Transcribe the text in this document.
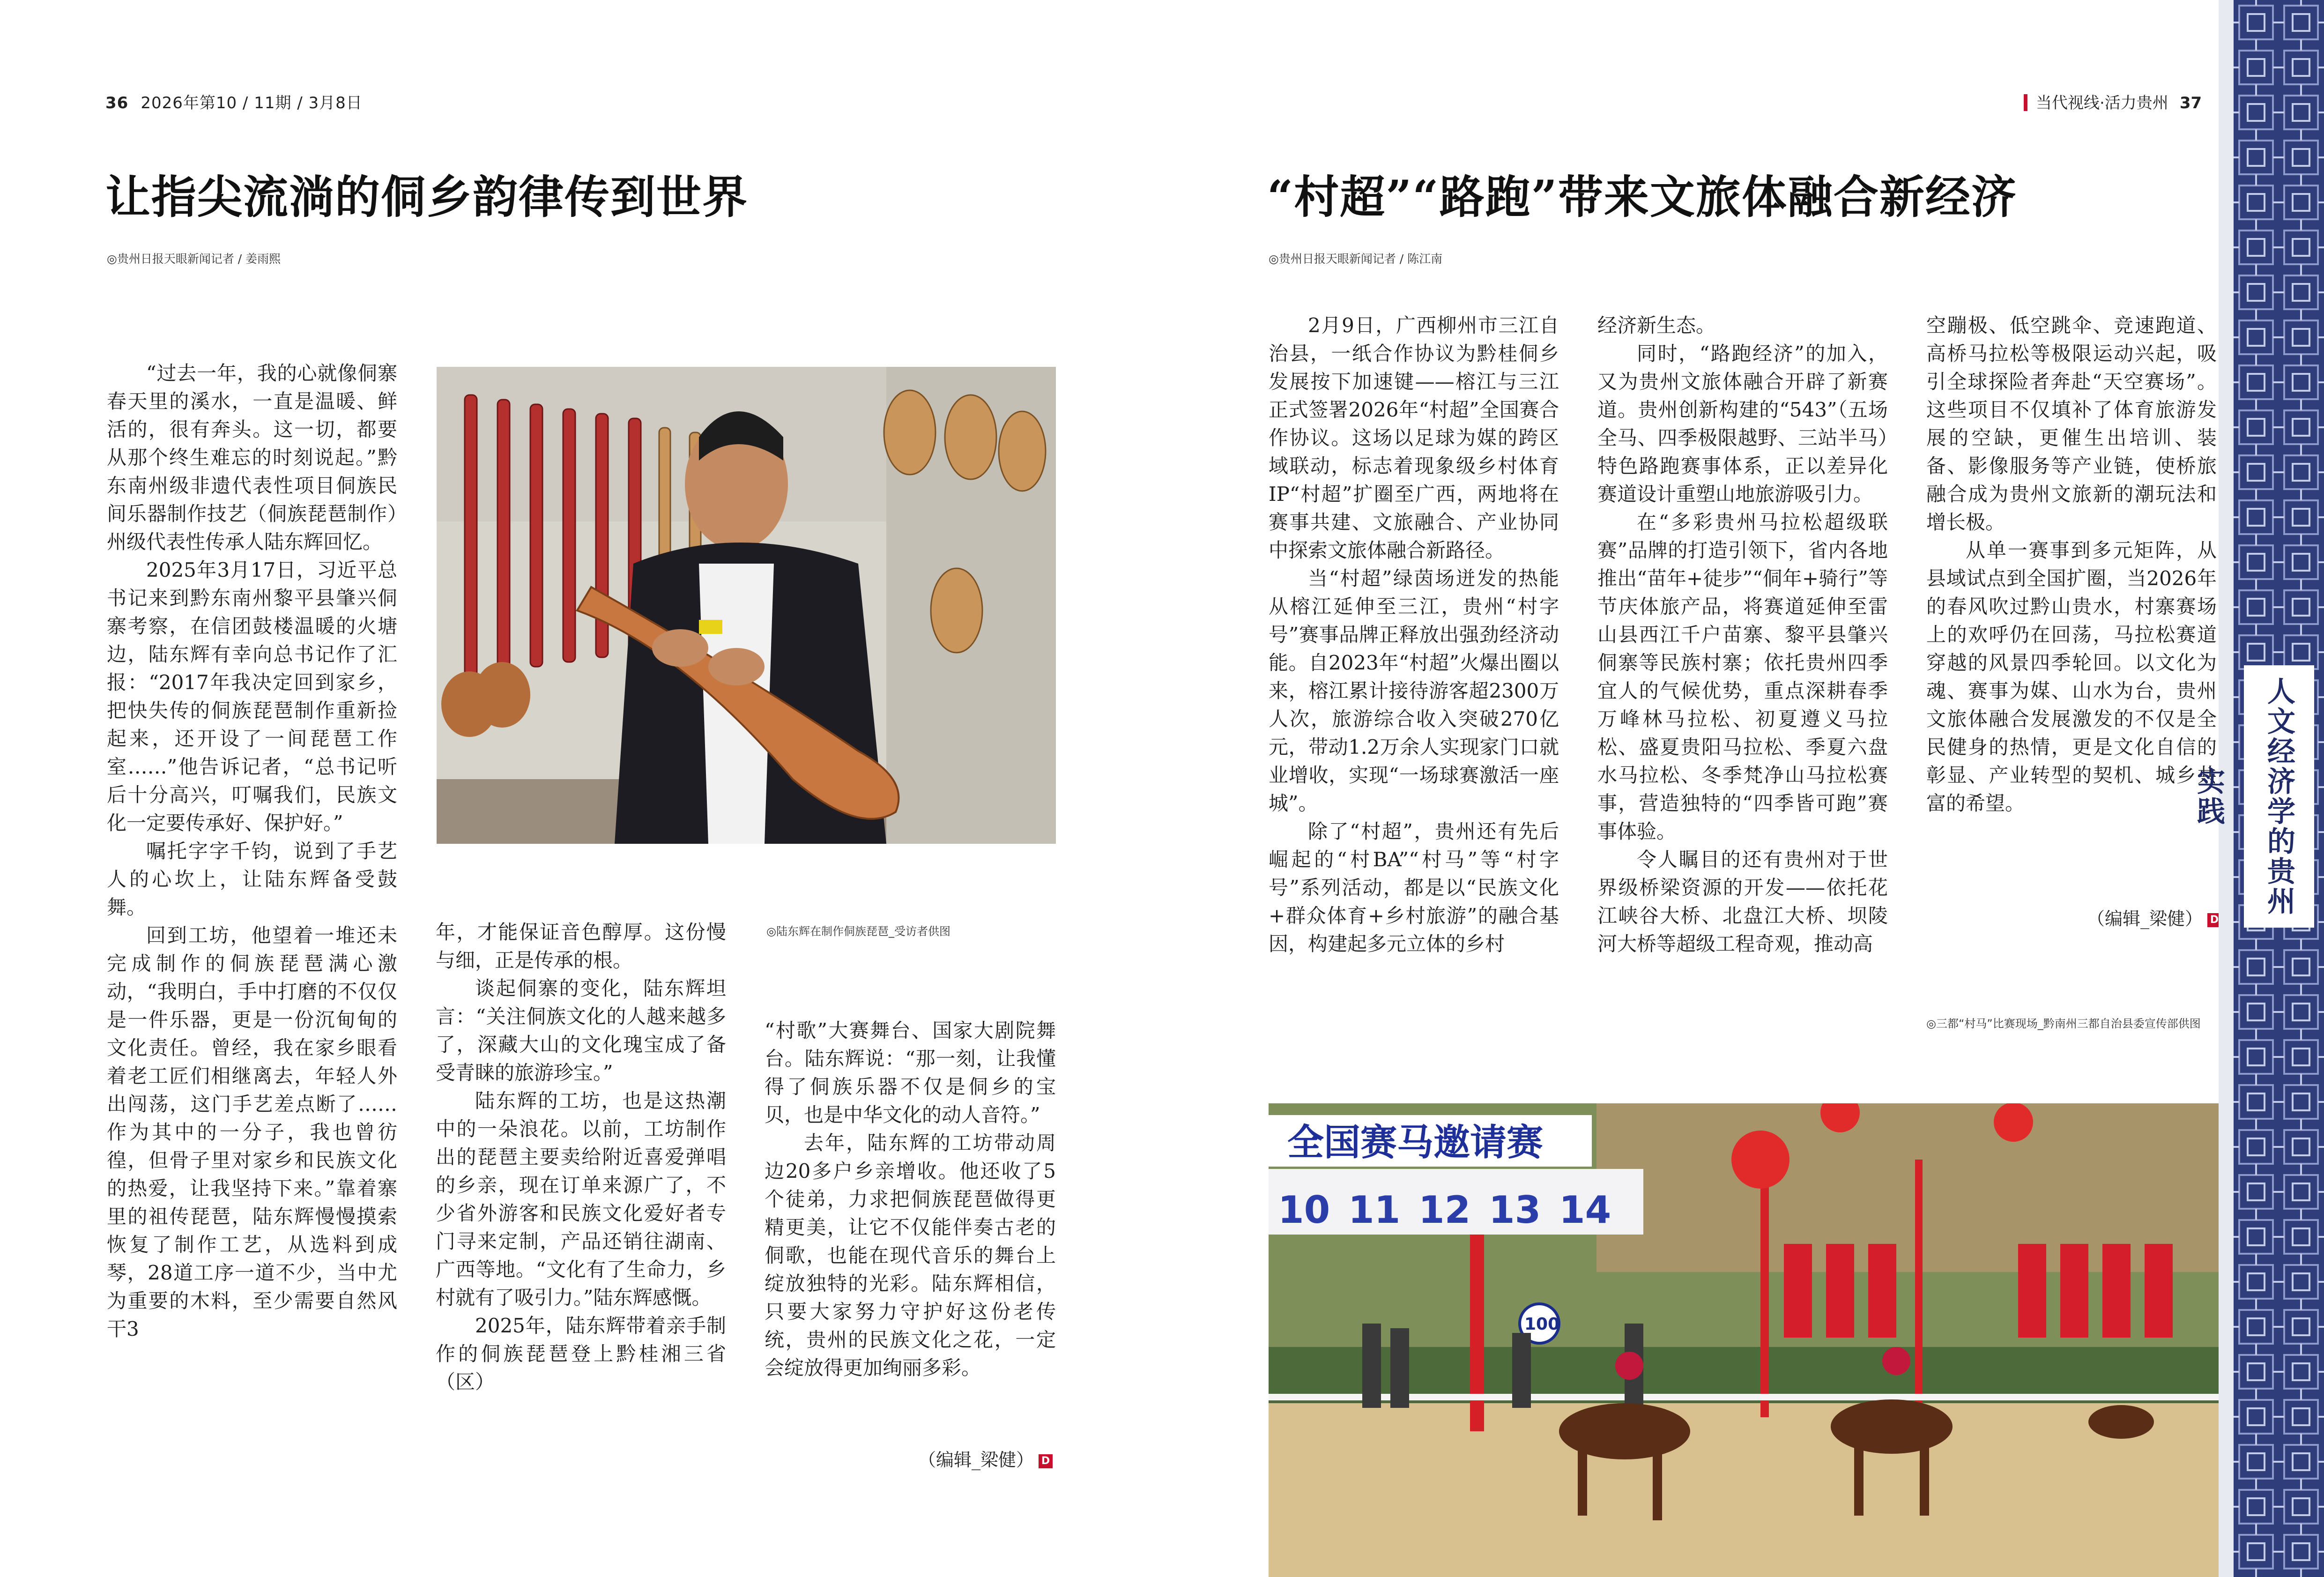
36 2026年第10 / 11期 / 3月8日	当代视线·活力贵州 37
让指尖流淌的侗乡韵律传到世界	“村超”“路跑”带来文旅体融合新经济
◎贵州日报天眼新闻记者 / 姜雨熙	◎贵州日报天眼新闻记者 / 陈江南
◎陆东辉在制作侗族琵琶_受访者供图

“过去一年，我的心就像侗寨春天里的溪水，一直是温暖、鲜活的，很有奔头。这一切，都要从那个终生难忘的时刻说起。”黔东南州级非遗代表性项目侗族民间乐器制作技艺（侗族琵琶制作）州级代表性传承人陆东辉回忆。

2025年3月17日，习近平总书记来到黔东南州黎平县肇兴侗寨考察，在信团鼓楼温暖的火塘边，陆东辉有幸向总书记作了汇报：“2017年我决定回到家乡，把快失传的侗族琵琶制作重新捡起来，还开设了一间琵琶工作室……”他告诉记者，“总书记听后十分高兴，叮嘱我们，民族文化一定要传承好、保护好。”

嘱托字字千钧，说到了手艺人的心坎上，让陆东辉备受鼓舞。

回到工坊，他望着一堆还未完成制作的侗族琵琶满心激动，“我明白，手中打磨的不仅仅是一件乐器，更是一份沉甸甸的文化责任。曾经，我在家乡眼看着老工匠们相继离去，年轻人外出闯荡，这门手艺差点断了……作为其中的一分子，我也曾彷徨，但骨子里对家乡和民族文化的热爱，让我坚持下来。”靠着寨里的祖传琵琶，陆东辉慢慢摸索恢复了制作工艺，从选料到成琴，28道工序一道不少，当中尤为重要的木料，至少需要自然风干3

年，才能保证音色醇厚。这份慢与细，正是传承的根。

谈起侗寨的变化，陆东辉坦言：“关注侗族文化的人越来越多了，深藏大山的文化瑰宝成了备受青睐的旅游珍宝。”

陆东辉的工坊，也是这热潮中的一朵浪花。以前，工坊制作出的琵琶主要卖给附近喜爱弹唱的乡亲，现在订单来源广了，不少省外游客和民族文化爱好者专门寻来定制，产品还销往湖南、广西等地。“文化有了生命力，乡村就有了吸引力。”陆东辉感慨。

2025年，陆东辉带着亲手制作的侗族琵琶登上黔桂湘三省（区）

“村歌”大赛舞台、国家大剧院舞台。陆东辉说：“那一刻，让我懂得了侗族乐器不仅是侗乡的宝贝，也是中华文化的动人音符。”

去年，陆东辉的工坊带动周边20多户乡亲增收。他还收了5个徒弟，力求把侗族琵琶做得更精更美，让它不仅能伴奏古老的侗歌，也能在现代音乐的舞台上绽放独特的光彩。陆东辉相信，只要大家努力守护好这份老传统，贵州的民族文化之花，一定会绽放得更加绚丽多彩。

（编辑_梁健） D

2月9日，广西柳州市三江自治县，一纸合作协议为黔桂侗乡发展按下加速键——榕江与三江正式签署2026年“村超”全国赛合作协议。这场以足球为媒的跨区域联动，标志着现象级乡村体育IP“村超”扩圈至广西，两地将在赛事共建、文旅融合、产业协同中探索文旅体融合新路径。

当“村超”绿茵场迸发的热能从榕江延伸至三江，贵州“村字号”赛事品牌正释放出强劲经济动能。自2023年“村超”火爆出圈以来，榕江累计接待游客超2300万人次，旅游综合收入突破270亿元，带动1.2万余人实现家门口就业增收，实现“一场球赛激活一座城”。

除了“村超”，贵州还有先后崛起的“村BA”“村马”等“村字号”系列活动，都是以“民族文化+群众体育+乡村旅游”的融合基因，构建起多元立体的乡村

经济新生态。

同时，“路跑经济”的加入，又为贵州文旅体融合开辟了新赛道。贵州创新构建的“543”（五场全马、四季极限越野、三站半马）特色路跑赛事体系，正以差异化赛道设计重塑山地旅游吸引力。

在“多彩贵州马拉松超级联赛”品牌的打造引领下，省内各地推出“苗年+徒步”“侗年+骑行”等节庆体旅产品，将赛道延伸至雷山县西江千户苗寨、黎平县肇兴侗寨等民族村寨；依托贵州四季宜人的气候优势，重点深耕春季万峰林马拉松、初夏遵义马拉松、盛夏贵阳马拉松、季夏六盘水马拉松、冬季梵净山马拉松赛事，营造独特的“四季皆可跑”赛事体验。

令人瞩目的还有贵州对于世界级桥梁资源的开发——依托花江峡谷大桥、北盘江大桥、坝陵河大桥等超级工程奇观，推动高

空蹦极、低空跳伞、竞速跑道、高桥马拉松等极限运动兴起，吸引全球探险者奔赴“天空赛场”。这些项目不仅填补了体育旅游发展的空缺，更催生出培训、装备、影像服务等产业链，使桥旅融合成为贵州文旅新的潮玩法和增长极。

从单一赛事到多元矩阵，从县域试点到全国扩圈，当2026年的春风吹过黔山贵水，村寨赛场上的欢呼仍在回荡，马拉松赛道穿越的风景四季轮回。以文化为魂、赛事为媒、山水为台，贵州文旅体融合发展激发的不仅是全民健身的热情，更是文化自信的彰显、产业转型的契机、城乡共富的希望。

（编辑_梁健） D
◎三都“村马”比赛现场_黔南州三都自治县委宣传部供图
全国赛马邀请赛
10 11 12 13 14
100
人文经济学的贵州实践
